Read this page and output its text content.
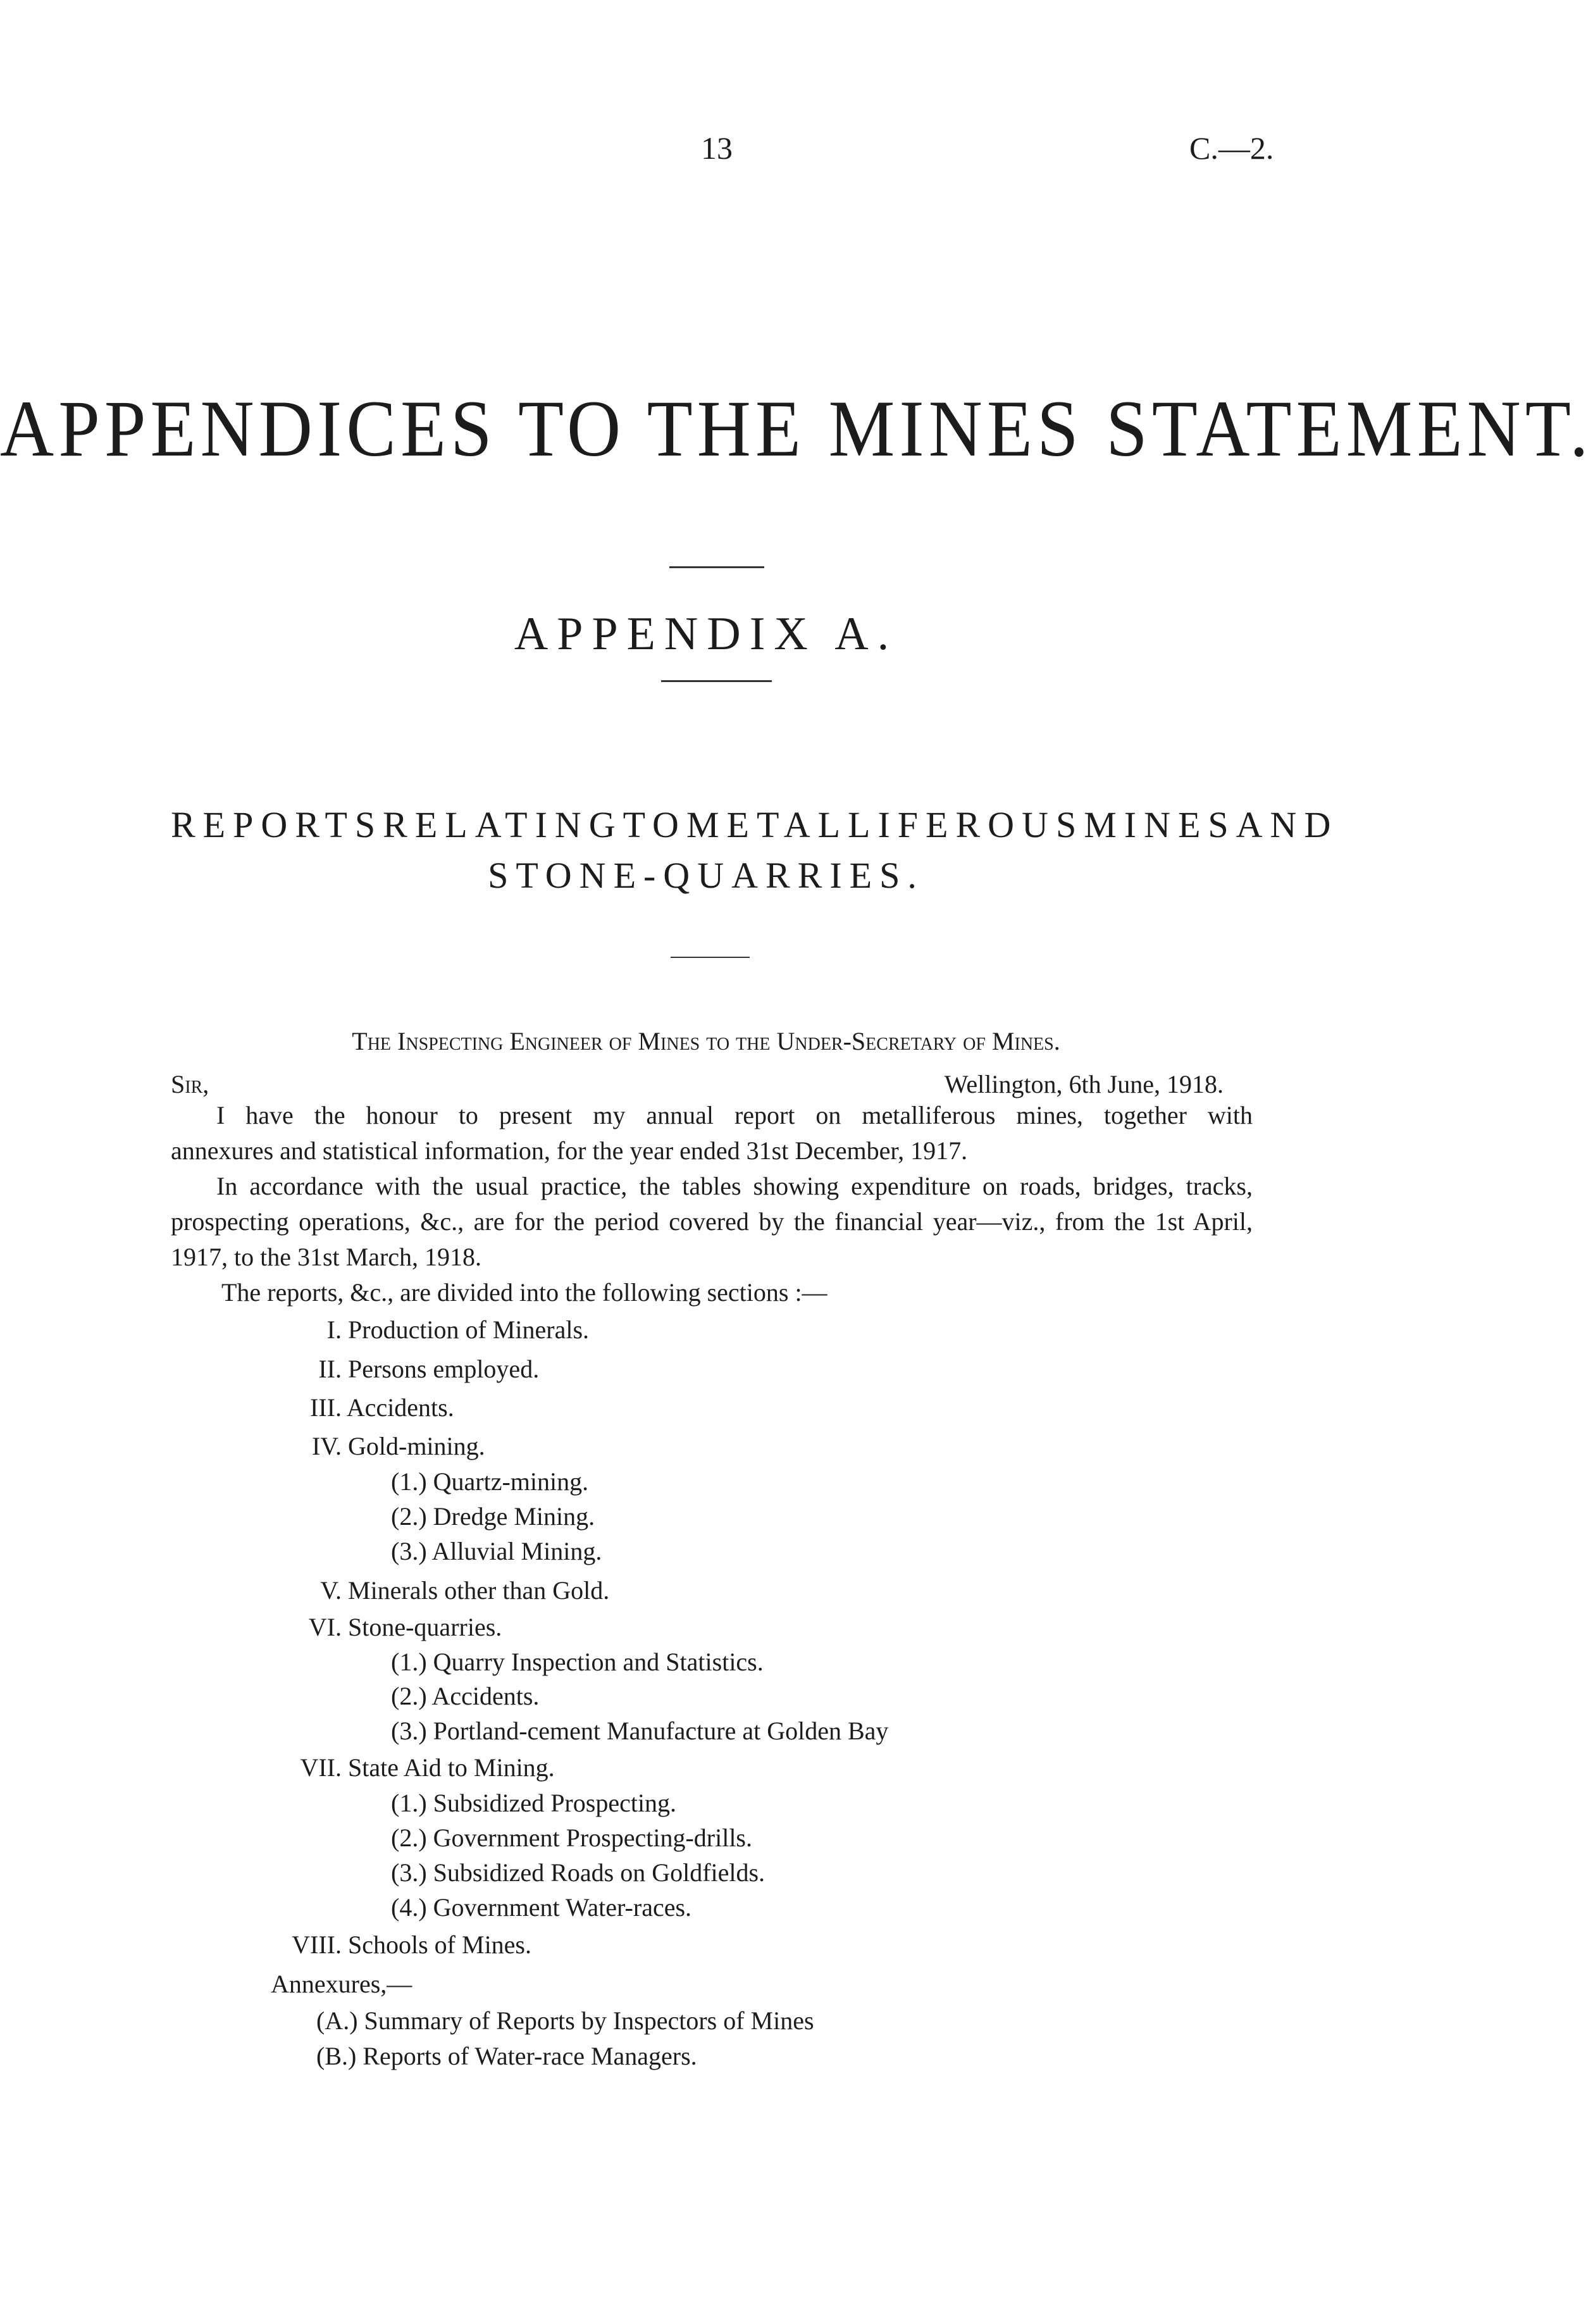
13	C.—2.
APPENDICES TO THE MINES STATEMENT.
APPENDIX A.
REPORTS RELATING TO METALLIFEROUS MINES AND
STONE-QUARRIES.
The Inspecting Engineer of Mines to the Under-Secretary of Mines.
Sir,	Wellington, 6th June, 1918.
I have the honour to present my annual report on metalliferous mines, together with
annexures and statistical information, for the year ended 31st December, 1917.
In accordance with the usual practice, the tables showing expenditure on roads, bridges, tracks,
prospecting operations, &c., are for the period covered by the financial year—viz., from the 1st April,
1917, to the 31st March, 1918.
The reports, &c., are divided into the following sections :—
I. Production of Minerals.
II. Persons employed.
III. Accidents.
IV. Gold-mining.
(1.) Quartz-mining.
(2.) Dredge Mining.
(3.) Alluvial Mining.
V. Minerals other than Gold.
VI. Stone-quarries.
(1.) Quarry Inspection and Statistics.
(2.) Accidents.
(3.) Portland-cement Manufacture at Golden Bay
VII. State Aid to Mining.
(1.) Subsidized Prospecting.
(2.) Government Prospecting-drills.
(3.) Subsidized Roads on Goldfields.
(4.) Government Water-races.
VIII. Schools of Mines.
Annexures,—
(A.) Summary of Reports by Inspectors of Mines
(B.) Reports of Water-race Managers.
